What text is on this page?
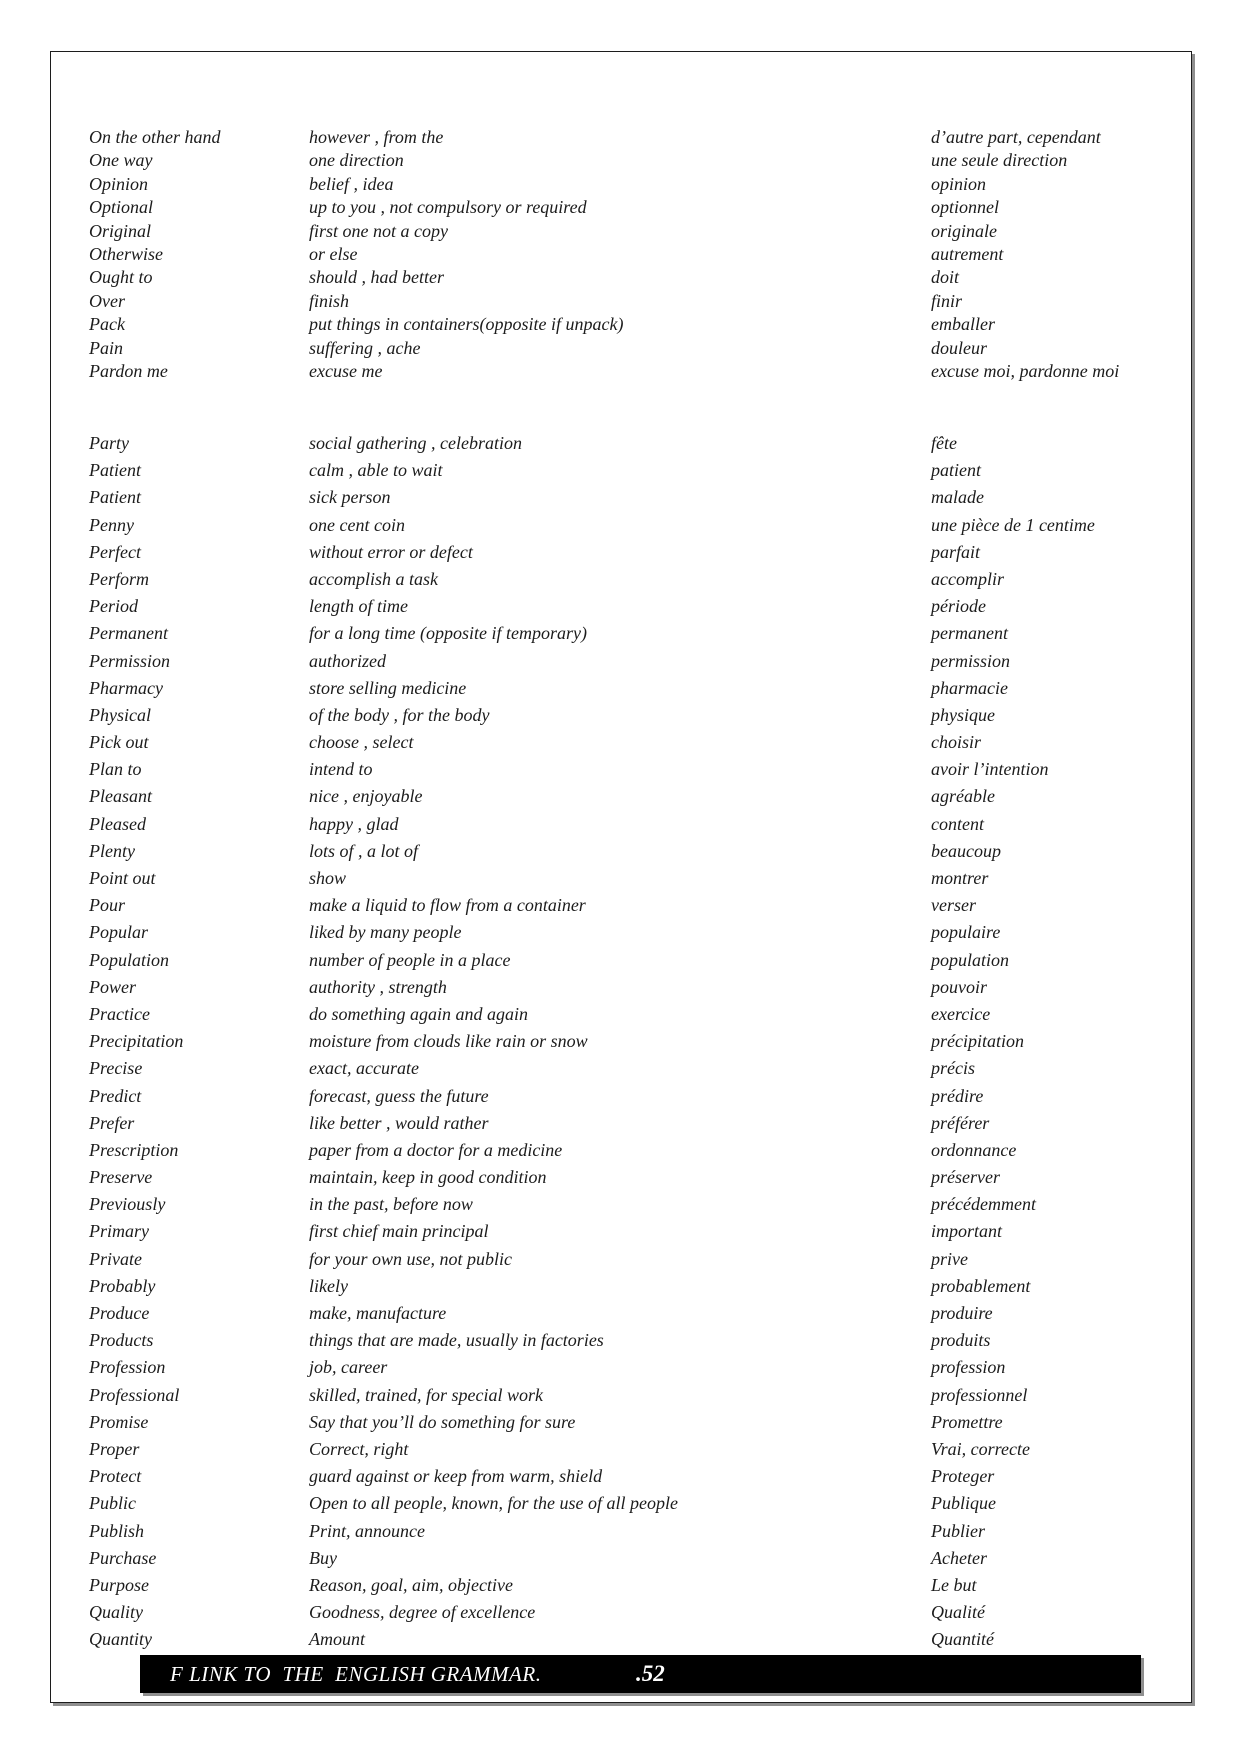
On the other hand	however , from the	d’autre part, cependant
One way	one direction	une seule direction
Opinion	belief , idea	opinion
Optional	up to you , not compulsory or required	optionnel
Original	first one not a copy	originale
Otherwise	or else	autrement
Ought to	should , had better	doit
Over	finish	finir
Pack	put things in containers(opposite if unpack)	emballer
Pain	suffering , ache	douleur
Pardon me	excuse me	excuse moi, pardonne moi
Party	social gathering , celebration	fête
Patient	calm , able to wait	patient
Patient	sick person	malade
Penny	one cent coin	une pièce de 1 centime
Perfect	without error or defect	parfait
Perform	accomplish a task	accomplir
Period	length of time	période
Permanent	for a long time (opposite if temporary)	permanent
Permission	authorized	permission
Pharmacy	store selling medicine	pharmacie
Physical	of the body , for the body	physique
Pick out	choose , select	choisir
Plan to	intend to	avoir l’intention
Pleasant	nice , enjoyable	agréable
Pleased	happy , glad	content
Plenty	lots of , a lot of	beaucoup
Point out	show	montrer
Pour	make a liquid to flow from a container	verser
Popular	liked by many people	populaire
Population	number of people in a place	population
Power	authority , strength	pouvoir
Practice	do something again and again	exercice
Precipitation	moisture from clouds like rain or snow	précipitation
Precise	exact, accurate	précis
Predict	forecast, guess the future	prédire
Prefer	like better , would rather	préférer
Prescription	paper from a doctor for a medicine	ordonnance
Preserve	maintain, keep in good condition	préserver
Previously	in the past, before now	précédemment
Primary	first chief main principal	important
Private	for your own use, not public	prive
Probably	likely	probablement
Produce	make, manufacture	produire
Products	things that are made, usually in factories	produits
Profession	job, career	profession
Professional	skilled, trained, for special work	professionnel
Promise	Say that you’ll do something for sure	Promettre
Proper	Correct, right	Vrai, correcte
Protect	guard against or keep from warm, shield	Proteger
Public	Open to all people, known, for the use of all people	Publique
Publish	Print, announce	Publier
Purchase	Buy	Acheter
Purpose	Reason, goal, aim, objective	Le but
Quality	Goodness, degree of excellence	Qualité
Quantity	Amount	Quantité
F LINK TO  THE  ENGLISH GRAMMAR.	.52
